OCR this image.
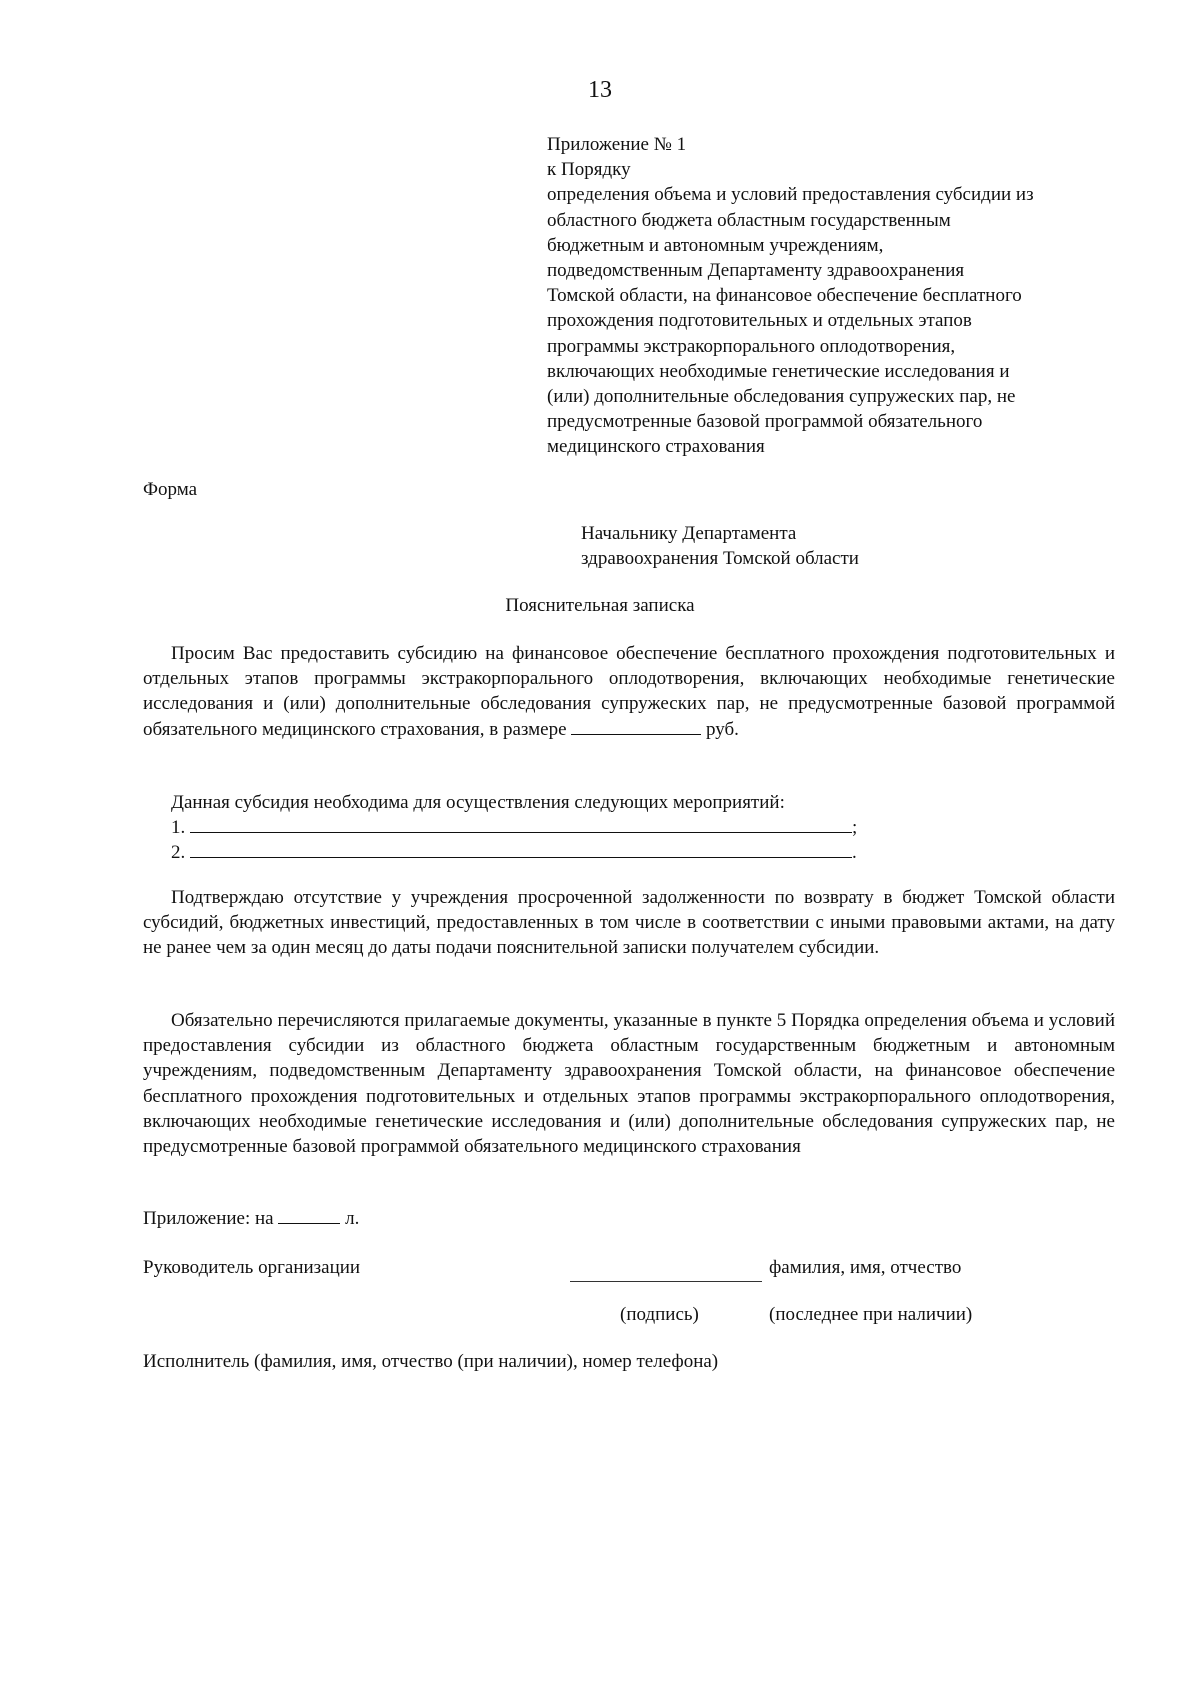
13
Приложение № 1
к Порядку
определения объема и условий предоставления субсидии из
областного бюджета областным государственным
бюджетным и автономным учреждениям,
подведомственным Департаменту здравоохранения
Томской области, на финансовое обеспечение бесплатного
прохождения подготовительных и отдельных этапов
программы экстракорпорального оплодотворения,
включающих необходимые генетические исследования и
(или) дополнительные обследования супружеских пар, не
предусмотренные базовой программой обязательного
медицинского страхования
Форма
Начальнику Департамента
здравоохранения Томской области
Пояснительная записка
Просим Вас предоставить субсидию на финансовое обеспечение бесплатного прохождения подготовительных и отдельных этапов программы экстракорпорального оплодотворения, включающих необходимые генетические исследования и (или) дополнительные обследования супружеских пар, не предусмотренные базовой программой обязательного медицинского страхования, в размере	руб.
Данная субсидия необходима для осуществления следующих мероприятий:
1.	;
2.	.
Подтверждаю отсутствие у учреждения просроченной задолженности по возврату в бюджет Томской области субсидий, бюджетных инвестиций, предоставленных в том числе в соответствии с иными правовыми актами, на дату не ранее чем за один месяц до даты подачи пояснительной записки получателем субсидии.
Обязательно перечисляются прилагаемые документы, указанные в пункте 5 Порядка определения объема и условий предоставления субсидии из областного бюджета областным государственным бюджетным и автономным учреждениям, подведомственным Департаменту здравоохранения Томской области, на финансовое обеспечение бесплатного прохождения подготовительных и отдельных этапов программы экстракорпорального оплодотворения, включающих необходимые генетические исследования и (или) дополнительные обследования супружеских пар, не предусмотренные базовой программой обязательного медицинского страхования
Приложение: на	л.
Руководитель организации	фамилия, имя, отчество
(подпись)	(последнее при наличии)
Исполнитель (фамилия, имя, отчество (при наличии), номер телефона)
